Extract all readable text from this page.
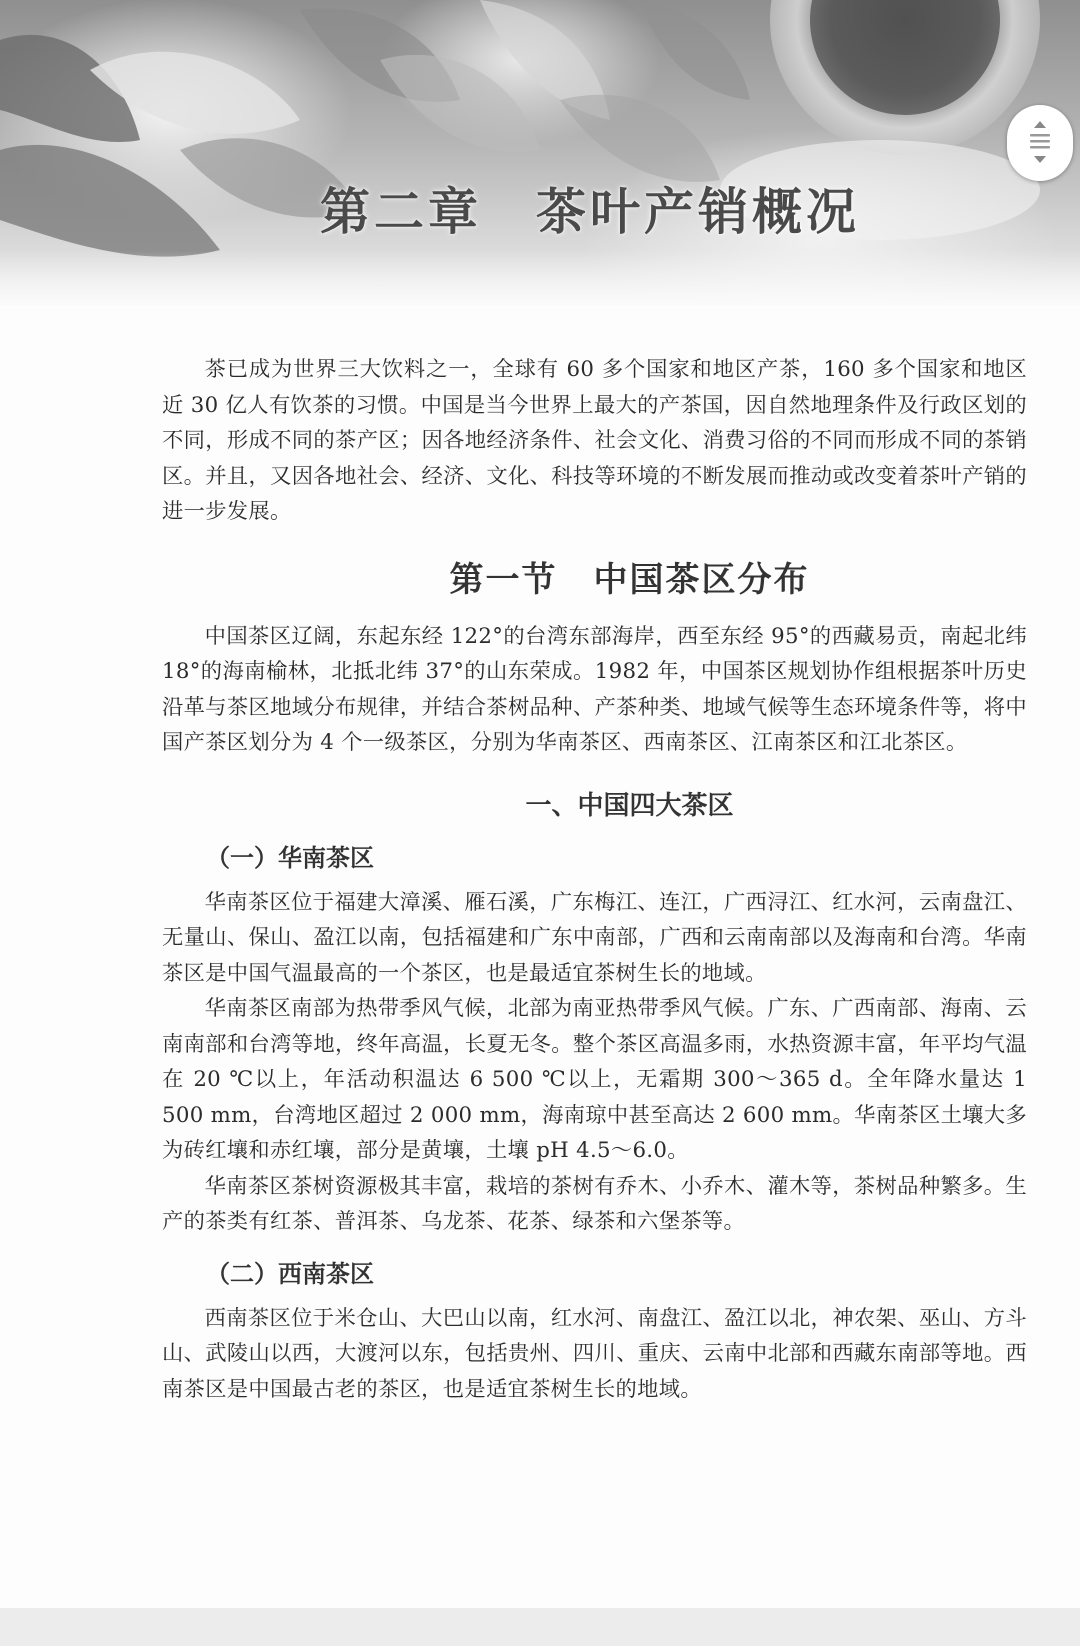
第二章　茶叶产销概况

茶已成为世界三大饮料之一，全球有 60 多个国家和地区产茶，160 多个国家和地区近 30 亿人有饮茶的习惯。中国是当今世界上最大的产茶国，因自然地理条件及行政区划的不同，形成不同的茶产区；因各地经济条件、社会文化、消费习俗的不同而形成不同的茶销区。并且，又因各地社会、经济、文化、科技等环境的不断发展而推动或改变着茶叶产销的进一步发展。

第一节　中国茶区分布

中国茶区辽阔，东起东经 122°的台湾东部海岸，西至东经 95°的西藏易贡，南起北纬 18°的海南榆林，北抵北纬 37°的山东荣成。1982 年，中国茶区规划协作组根据茶叶历史沿革与茶区地域分布规律，并结合茶树品种、产茶种类、地域气候等生态环境条件等，将中国产茶区划分为 4 个一级茶区，分别为华南茶区、西南茶区、江南茶区和江北茶区。

一、中国四大茶区
（一）华南茶区

华南茶区位于福建大漳溪、雁石溪，广东梅江、连江，广西浔江、红水河，云南盘江、无量山、保山、盈江以南，包括福建和广东中南部，广西和云南南部以及海南和台湾。华南茶区是中国气温最高的一个茶区，也是最适宜茶树生长的地域。

华南茶区南部为热带季风气候，北部为南亚热带季风气候。广东、广西南部、海南、云南南部和台湾等地，终年高温，长夏无冬。整个茶区高温多雨，水热资源丰富，年平均气温在 20 ℃以上，年活动积温达 6 500 ℃以上，无霜期 300～365 d。全年降水量达 1 500 mm，台湾地区超过 2 000 mm，海南琼中甚至高达 2 600 mm。华南茶区土壤大多为砖红壤和赤红壤，部分是黄壤，土壤 pH 4.5～6.0。

华南茶区茶树资源极其丰富，栽培的茶树有乔木、小乔木、灌木等，茶树品种繁多。生产的茶类有红茶、普洱茶、乌龙茶、花茶、绿茶和六堡茶等。

（二）西南茶区

西南茶区位于米仓山、大巴山以南，红水河、南盘江、盈江以北，神农架、巫山、方斗山、武陵山以西，大渡河以东，包括贵州、四川、重庆、云南中北部和西藏东南部等地。西南茶区是中国最古老的茶区，也是适宜茶树生长的地域。
